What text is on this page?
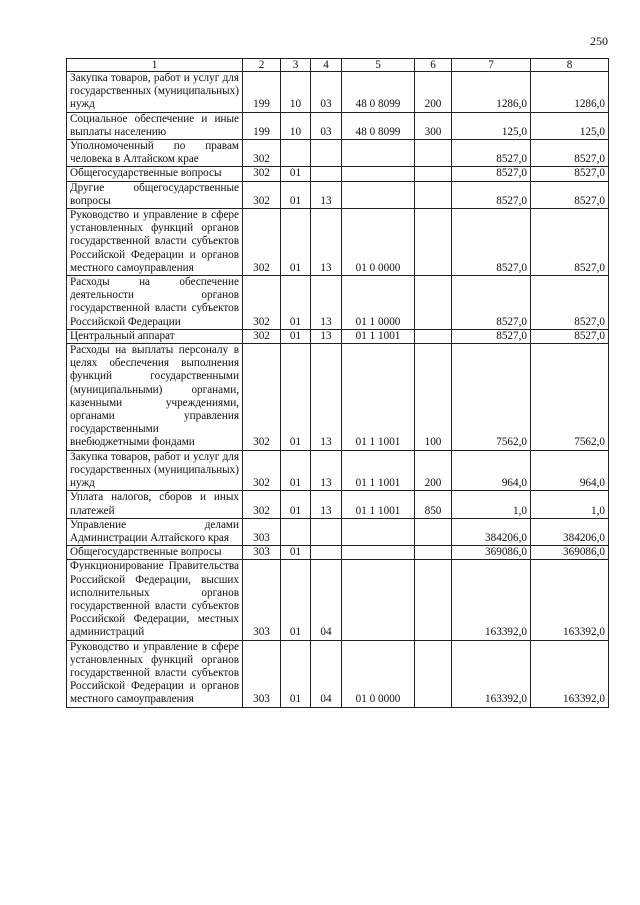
250
1	2	3	4	5	6	7	8
Закупка товаров, работ и услуг для государственных (муниципальных) нужд	199	10	03	48 0 8099	200	1286,0	1286,0
Социальное обеспечение и иные выплаты населению	199	10	03	48 0 8099	300	125,0	125,0
Уполномоченный по правам человека в Алтайском крае	302					8527,0	8527,0
Общегосударственные вопросы	302	01				8527,0	8527,0
Другие общегосударственные вопросы	302	01	13			8527,0	8527,0
Руководство и управление в сфере установленных функций органов государственной власти субъектов Российской Федерации и органов местного самоуправления	302	01	13	01 0 0000		8527,0	8527,0
Расходы на обеспечение деятельности органов государственной власти субъектов Российской Федерации	302	01	13	01 1 0000		8527,0	8527,0
Центральный аппарат	302	01	13	01 1 1001		8527,0	8527,0
Расходы на выплаты персоналу в целях обеспечения выполнения функций государственными (муниципальными) органами, казенными учреждениями, органами управления государственными внебюджетными фондами	302	01	13	01 1 1001	100	7562,0	7562,0
Закупка товаров, работ и услуг для государственных (муниципальных) нужд	302	01	13	01 1 1001	200	964,0	964,0
Уплата налогов, сборов и иных платежей	302	01	13	01 1 1001	850	1,0	1,0
Управление делами Администрации Алтайского края	303					384206,0	384206,0
Общегосударственные вопросы	303	01				369086,0	369086,0
Функционирование Правительства Российской Федерации, высших исполнительных органов государственной власти субъектов Российской Федерации, местных администраций	303	01	04			163392,0	163392,0
Руководство и управление в сфере установленных функций органов государственной власти субъектов Российской Федерации и органов местного самоуправления	303	01	04	01 0 0000		163392,0	163392,0
